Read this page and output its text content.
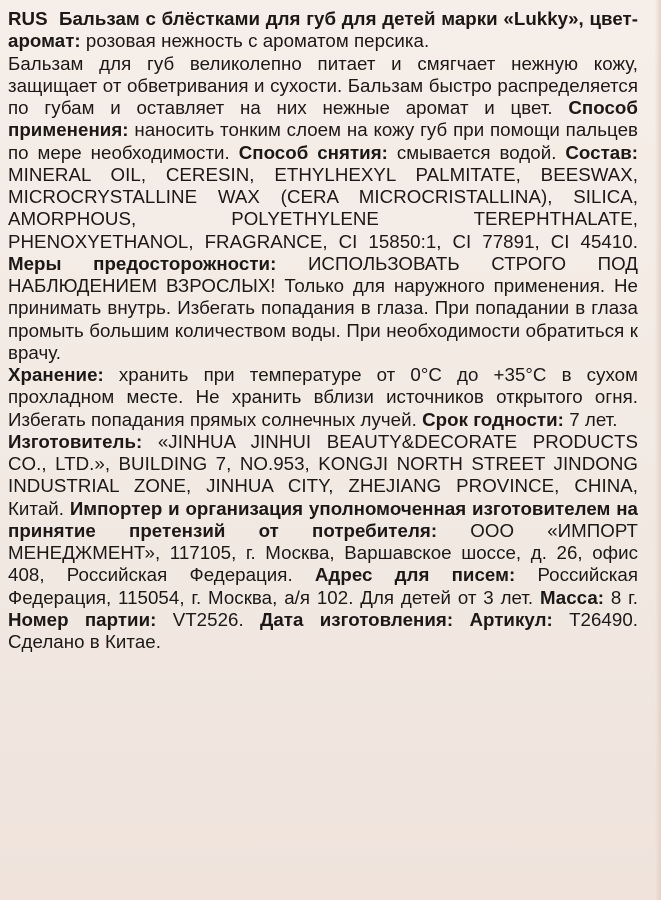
RUS Бальзам с блёстками для губ для детей марки «Lukky», цвет-аромат: розовая нежность с ароматом персика.
Бальзам для губ великолепно питает и смягчает нежную кожу, защищает от обветривания и сухости. Бальзам быстро распределяется по губам и оставляет на них нежные аромат и цвет. Способ применения: наносить тонким слоем на кожу губ при помощи пальцев по мере необходимости. Способ снятия: смывается водой. Состав: MINERAL OIL, CERESIN, ETHYLHEXYL PALMITATE, BEESWAX, MICROCRYSTALLINE WAX (CERA MICROCRISTALLINA), SILICA, AMORPHOUS, POLYETHYLENE TEREPHTHALATE, PHENOXYETHANOL, FRAGRANCE, CI 15850:1, CI 77891, CI 45410. Меры предосторожности: ИСПОЛЬЗОВАТЬ СТРОГО ПОД НАБЛЮДЕНИЕМ ВЗРОСЛЫХ! Только для наружного применения. Не принимать внутрь. Избегать попадания в глаза. При попадании в глаза промыть большим количеством воды. При необходимости обратиться к врачу.
Хранение: хранить при температуре от 0°C до +35°C в сухом прохладном месте. Не хранить вблизи источников открытого огня. Избегать попадания прямых солнечных лучей. Срок годности: 7 лет.
Изготовитель: «JINHUA JINHUI BEAUTY&DECORATE PRODUCTS CO., LTD.», BUILDING 7, NO.953, KONGJI NORTH STREET JINDONG INDUSTRIAL ZONE, JINHUA CITY, ZHEJIANG PROVINCE, CHINA, Китай. Импортер и организация уполномоченная изготовителем на принятие претензий от потребителя: ООО «ИМПОРТ МЕНЕДЖМЕНТ», 117105, г. Москва, Варшавское шоссе, д. 26, офис 408, Российская Федерация. Адрес для писем: Российская Федерация, 115054, г. Москва, а/я 102. Для детей от 3 лет. Масса: 8 г. Номер партии: VT2526. Дата изготовления: Артикул: T26490. Сделано в Китае.
